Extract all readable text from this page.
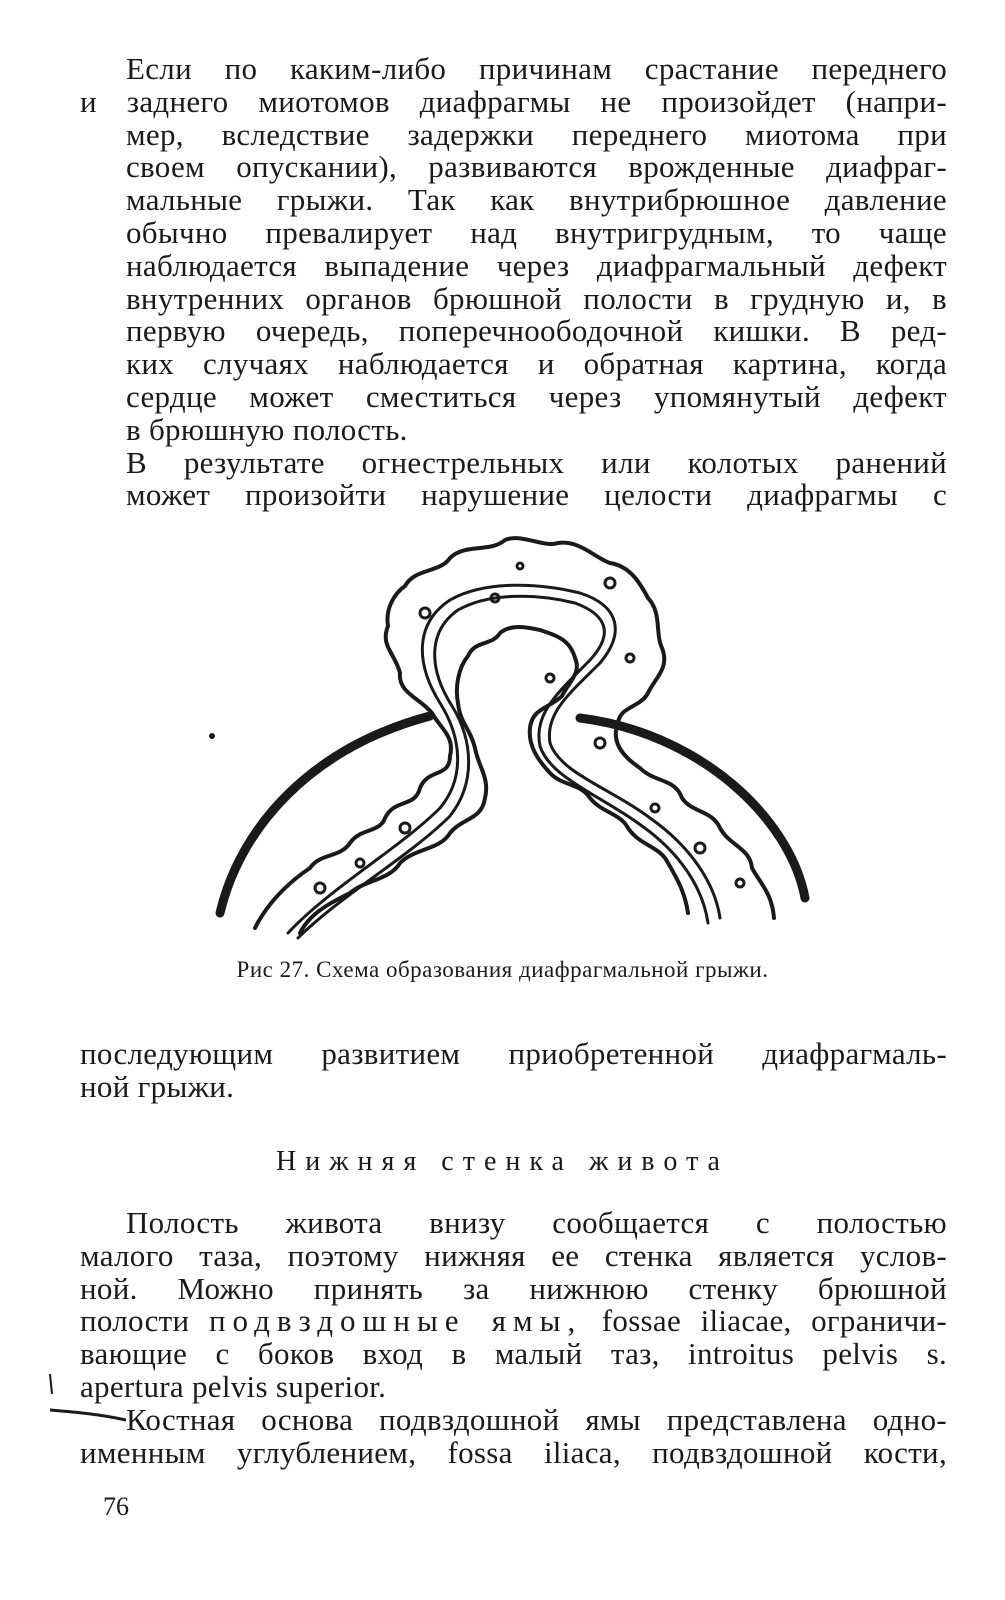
Если по каким-либо причинам срастание переднего
и заднего миотомов диафрагмы не произойдет (напри-
мер, вследствие задержки переднего миотома при
своем опускании), развиваются врожденные диафраг-
мальные грыжи. Так как внутрибрюшное давление
обычно превалирует над внутригрудным, то чаще
наблюдается выпадение через диафрагмальный дефект
внутренних органов брюшной полости в грудную и, в
первую очередь, поперечноободочной кишки. В ред-
ких случаях наблюдается и обратная картина, когда
сердце может сместиться через упомянутый дефект
в брюшную полость.

В результате огнестрельных или колотых ранений
может произойти нарушение целости диафрагмы с

Рис 27. Схема образования диафрагмальной грыжи.

последующим развитием приобретенной диафрагмаль-
ной грыжи.

Нижняя стенка живота

Полость живота внизу сообщается с полостью
малого таза, поэтому нижняя ее стенка является услов-
ной. Можно принять за нижнюю стенку брюшной
полости подвздошные ямы, fossae iliacae, ограничи-
вающие с боков вход в малый таз, introitus pelvis s.
apertura pelvis superior.

Костная основа подвздошной ямы представлена одно-
именным углублением, fossa iliaca, подвздошной кости,

76
